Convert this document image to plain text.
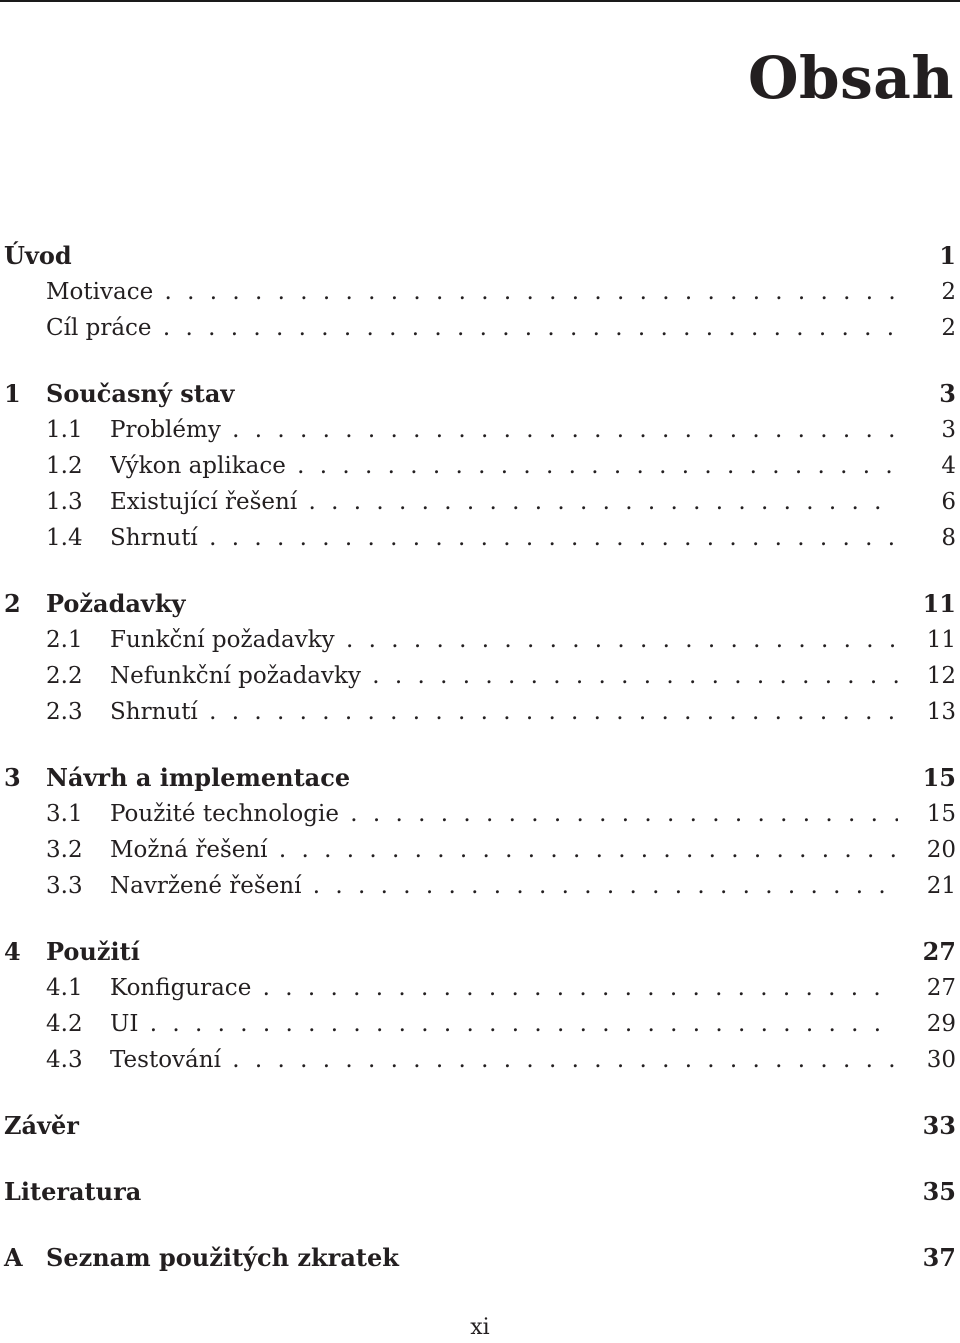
Obsah
Úvod	1
Motivace . . .	2
Cíl práce . . .	2
1 Současný stav	3
1.1 Problémy . . .	3
1.2 Výkon aplikace . . .	4
1.3 Existující řešení . . .	6
1.4 Shrnutí . . .	8
2 Požadavky	11
2.1 Funkční požadavky . . .	11
2.2 Nefunkční požadavky . . .	12
2.3 Shrnutí . . .	13
3 Návrh a implementace	15
3.1 Použité technologie . . .	15
3.2 Možná řešení . . .	20
3.3 Navržené řešení . . .	21
4 Použití	27
4.1 Konfigurace . . .	27
4.2 UI . . .	29
4.3 Testování . . .	30
Závěr	33
Literatura	35
A Seznam použitých zkratek	37
xi
